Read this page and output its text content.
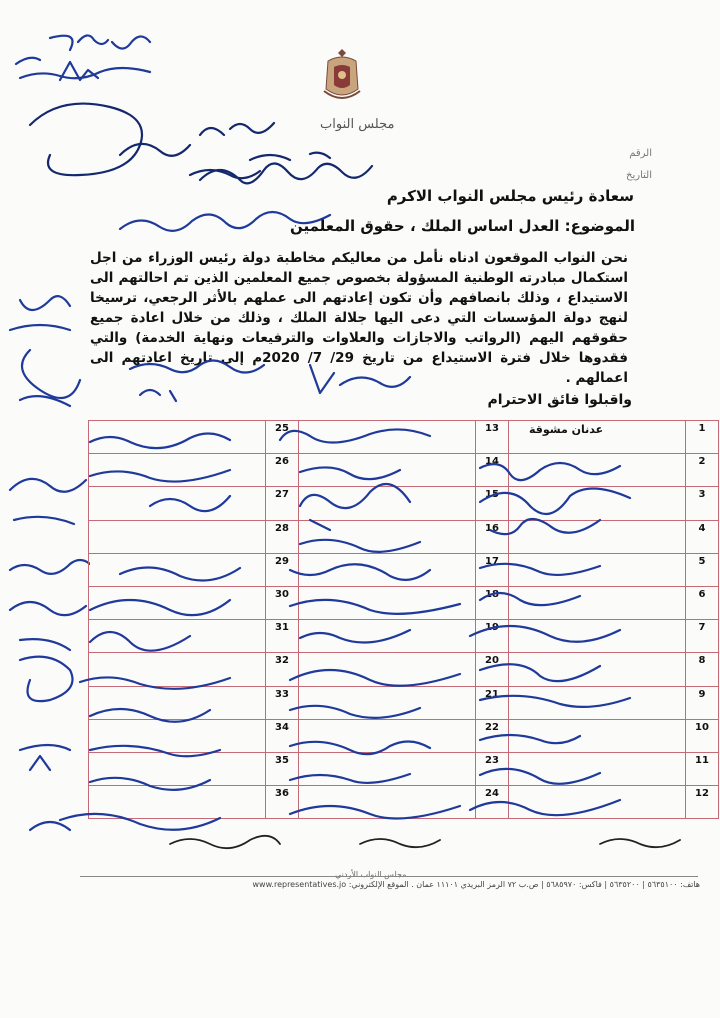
مجلس النواب
الرقم
التاريخ
سعادة رئيس مجلس النواب الاكرم
الموضوع: العدل اساس الملك ، حقوق المعلمين
نحن النواب الموقعون ادناه نأمل من معاليكم مخاطبة دولة رئيس الوزراء من اجل استكمال مبادرته الوطنية المسؤولة بخصوص جميع المعلمين الذين تم احالتهم الى الاستيداع ، وذلك بانصافهم وأن تكون إعادتهم الى عملهم بالأثر الرجعي، ترسيخا لنهج دولة المؤسسات التي دعى اليها جلالة الملك ، وذلك من خلال اعادة جميع حقوقهم اليهم (الرواتب والاجازات والعلاوات والترفيعات ونهاية الخدمة) والتي فقدوها خلال فترة الاستيداع من تاريخ 29/ 7/ 2020م إلى تاريخ اعادتهم الى اعمالهم .
واقبلوا فائق الاحترام

	25		13	عدنان مشوقة	1

	26		14		2

	27		15		3

	28		16		4

	29		17		5

	30		18		6

	31		19		7

	32		20		8

	33		21		9

	34		22		10

	35		23		11

	36		24		12
مجلس النواب الأردني
هاتف: ٥٦٣٥١٠٠ | ٥٦٣٥٢٠٠ | فاكس: ٥٦٨٥٩٧٠ | ص.ب ٧٢ الرمز البريدي ١١١٠١ عمان . الموقع الإلكتروني: www.representatives.jo
